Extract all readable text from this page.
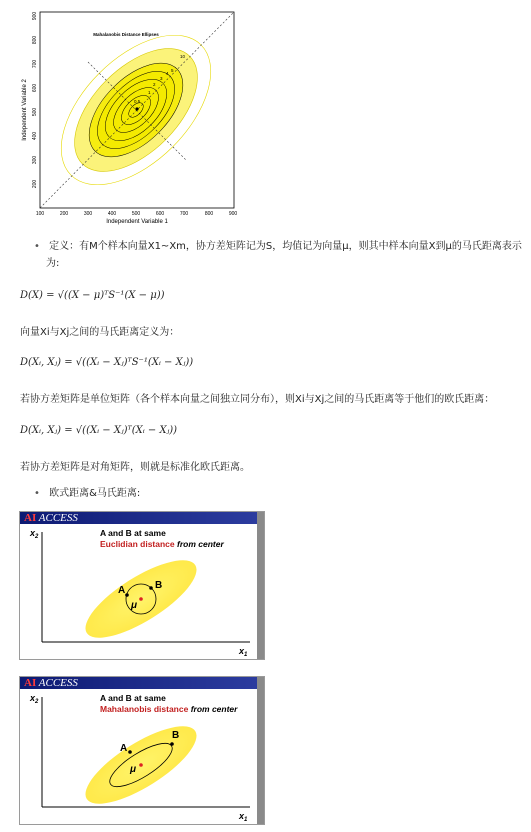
Mahalanobis Distance Ellipses
0.5
1
2
3
4
5
10
100	200	300	400	500	600	700	800	900
200
300
400
500
600
700
800
900
Independent Variable 1
Independent Variable 2
• 定义：有M个样本向量X1~Xm，协方差矩阵记为S，均值记为向量μ，则其中样本向量X到μ的马氏距离表示
为:
D(X) = √((X − μ)ᵀS⁻¹(X − μ))
向量Xi与Xj之间的马氏距离定义为：
D(Xᵢ, Xⱼ) = √((Xᵢ − Xⱼ)ᵀS⁻¹(Xᵢ − Xⱼ))
若协方差矩阵是单位矩阵（各个样本向量之间独立同分布），则Xi与Xj之间的马氏距离等于他们的欧氏距离：
D(Xᵢ, Xⱼ) = √((Xᵢ − Xⱼ)ᵀ(Xᵢ − Xⱼ))
若协方差矩阵是对角矩阵，则就是标准化欧氏距离。
• 欧式距离&马氏距离:
AI ACCESS
A	B
μ
A and B at same
Euclidian distance from center
$x_2$
$x_1$
AI ACCESS
A
B
μ
A and B at same
Mahalanobis distance from center
$x_2$
$x_1$
